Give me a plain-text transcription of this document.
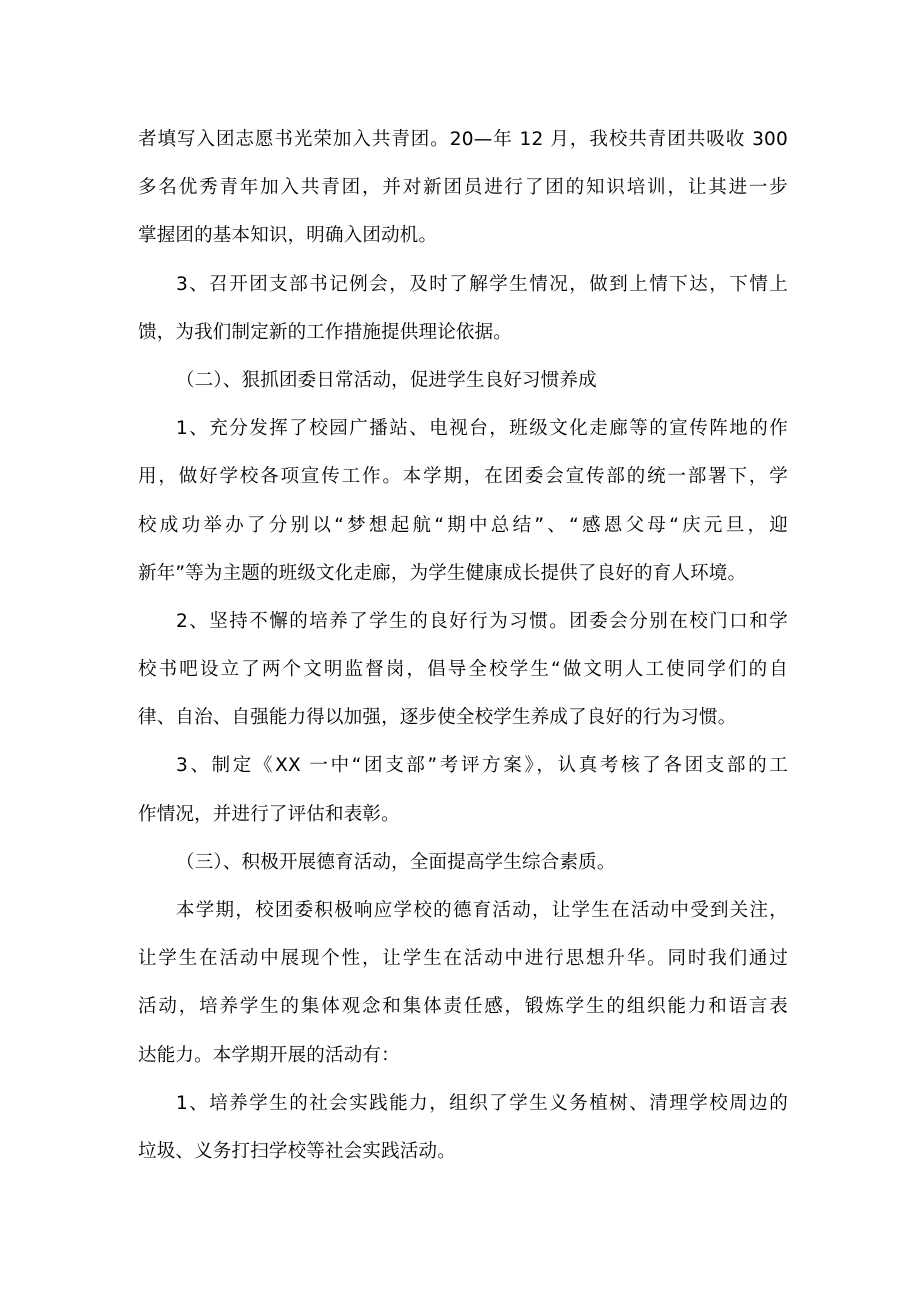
者填写入团志愿书光荣加入共青团。20—年 12 月，我校共青团共吸收 300
多名优秀青年加入共青团，并对新团员进行了团的知识培训，让其进一步
掌握团的基本知识，明确入团动机。
3、召开团支部书记例会，及时了解学生情况，做到上情下达，下情上
馈，为我们制定新的工作措施提供理论依据。
（二）、狠抓团委日常活动，促进学生良好习惯养成
1、充分发挥了校园广播站、电视台，班级文化走廊等的宣传阵地的作
用，做好学校各项宣传工作。本学期，在团委会宣传部的统一部署下，学
校成功举办了分别以“梦想起航“期中总结”、“感恩父母“庆元旦，迎
新年”等为主题的班级文化走廊，为学生健康成长提供了良好的育人环境。
2、坚持不懈的培养了学生的良好行为习惯。团委会分别在校门口和学
校书吧设立了两个文明监督岗，倡导全校学生“做文明人工使同学们的自
律、自治、自强能力得以加强，逐步使全校学生养成了良好的行为习惯。
3、制定《XX 一中“团支部”考评方案》，认真考核了各团支部的工
作情况，并进行了评估和表彰。
（三）、积极开展德育活动，全面提高学生综合素质。
本学期，校团委积极响应学校的德育活动，让学生在活动中受到关注，
让学生在活动中展现个性，让学生在活动中进行思想升华。同时我们通过
活动，培养学生的集体观念和集体责任感，锻炼学生的组织能力和语言表
达能力。本学期开展的活动有：
1、培养学生的社会实践能力，组织了学生义务植树、清理学校周边的
垃圾、义务打扫学校等社会实践活动。
